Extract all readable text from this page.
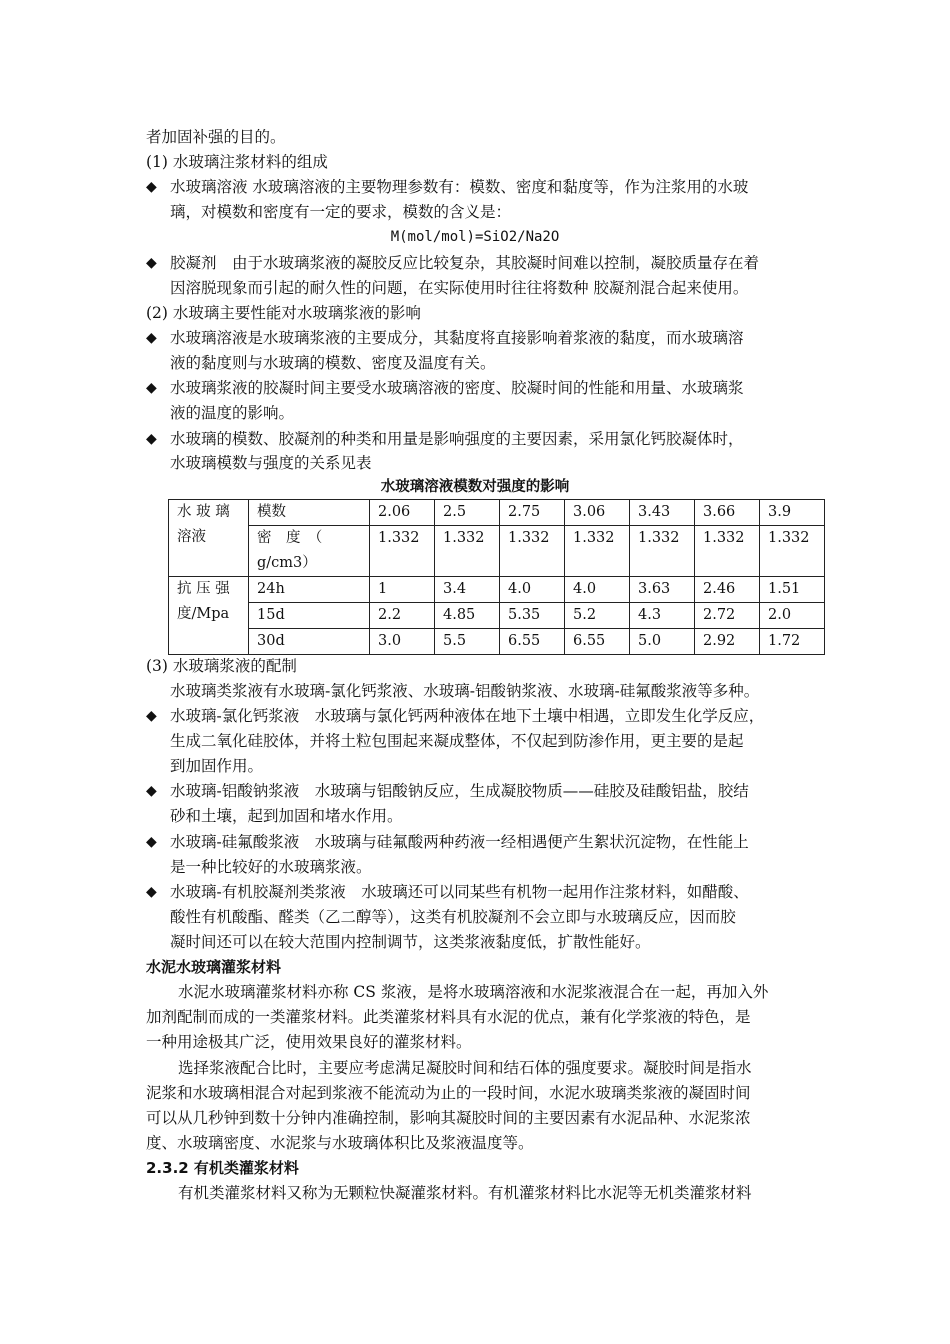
者加固补强的目的。
(1) 水玻璃注浆材料的组成
◆ 水玻璃溶液 水玻璃溶液的主要物理参数有：模数、密度和黏度等，作为注浆用的水玻
璃，对模数和密度有一定的要求，模数的含义是：
M(mol/mol)=SiO2/Na2O
◆ 胶凝剂　由于水玻璃浆液的凝胶反应比较复杂，其胶凝时间难以控制，凝胶质量存在着
因溶脱现象而引起的耐久性的问题，在实际使用时往往将数种 胶凝剂混合起来使用。
(2) 水玻璃主要性能对水玻璃浆液的影响
◆ 水玻璃溶液是水玻璃浆液的主要成分，其黏度将直接影响着浆液的黏度，而水玻璃溶
液的黏度则与水玻璃的模数、密度及温度有关。
◆ 水玻璃浆液的胶凝时间主要受水玻璃溶液的密度、胶凝时间的性能和用量、水玻璃浆
液的温度的影响。
◆ 水玻璃的模数、胶凝剂的种类和用量是影响强度的主要因素，采用氯化钙胶凝体时，
水玻璃模数与强度的关系见表
水玻璃溶液模数对强度的影响
水 玻 璃 溶液	模数	2.06	2.5	2.75	3.06	3.43	3.66	3.9
	密　度　（　g/cm3）	1.332	1.332	1.332	1.332	1.332	1.332	1.332
抗 压 强 度/Mpa	24h	1	3.4	4.0	4.0	3.63	2.46	1.51
	15d	2.2	4.85	5.35	5.2	4.3	2.72	2.0
	30d	3.0	5.5	6.55	6.55	5.0	2.92	1.72
(3) 水玻璃浆液的配制
水玻璃类浆液有水玻璃-氯化钙浆液、水玻璃-铝酸钠浆液、水玻璃-硅氟酸浆液等多种。
◆ 水玻璃-氯化钙浆液　水玻璃与氯化钙两种液体在地下土壤中相遇，立即发生化学反应，
生成二氧化硅胶体，并将土粒包围起来凝成整体，不仅起到防渗作用，更主要的是起
到加固作用。
◆ 水玻璃-铝酸钠浆液　水玻璃与铝酸钠反应，生成凝胶物质——硅胶及硅酸铝盐，胶结
砂和土壤，起到加固和堵水作用。
◆ 水玻璃-硅氟酸浆液　水玻璃与硅氟酸两种药液一经相遇便产生絮状沉淀物，在性能上
是一种比较好的水玻璃浆液。
◆ 水玻璃-有机胶凝剂类浆液　水玻璃还可以同某些有机物一起用作注浆材料，如醋酸、
酸性有机酸酯、醛类（乙二醇等），这类有机胶凝剂不会立即与水玻璃反应，因而胶
凝时间还可以在较大范围内控制调节，这类浆液黏度低，扩散性能好。
水泥水玻璃灌浆材料
水泥水玻璃灌浆材料亦称 CS 浆液，是将水玻璃溶液和水泥浆液混合在一起，再加入外
加剂配制而成的一类灌浆材料。此类灌浆材料具有水泥的优点，兼有化学浆液的特色，是
一种用途极其广泛，使用效果良好的灌浆材料。
选择浆液配合比时，主要应考虑满足凝胶时间和结石体的强度要求。凝胶时间是指水
泥浆和水玻璃相混合对起到浆液不能流动为止的一段时间，水泥水玻璃类浆液的凝固时间
可以从几秒钟到数十分钟内准确控制，影响其凝胶时间的主要因素有水泥品种、水泥浆浓
度、水玻璃密度、水泥浆与水玻璃体积比及浆液温度等。
2.3.2 有机类灌浆材料
有机类灌浆材料又称为无颗粒快凝灌浆材料。有机灌浆材料比水泥等无机类灌浆材料
